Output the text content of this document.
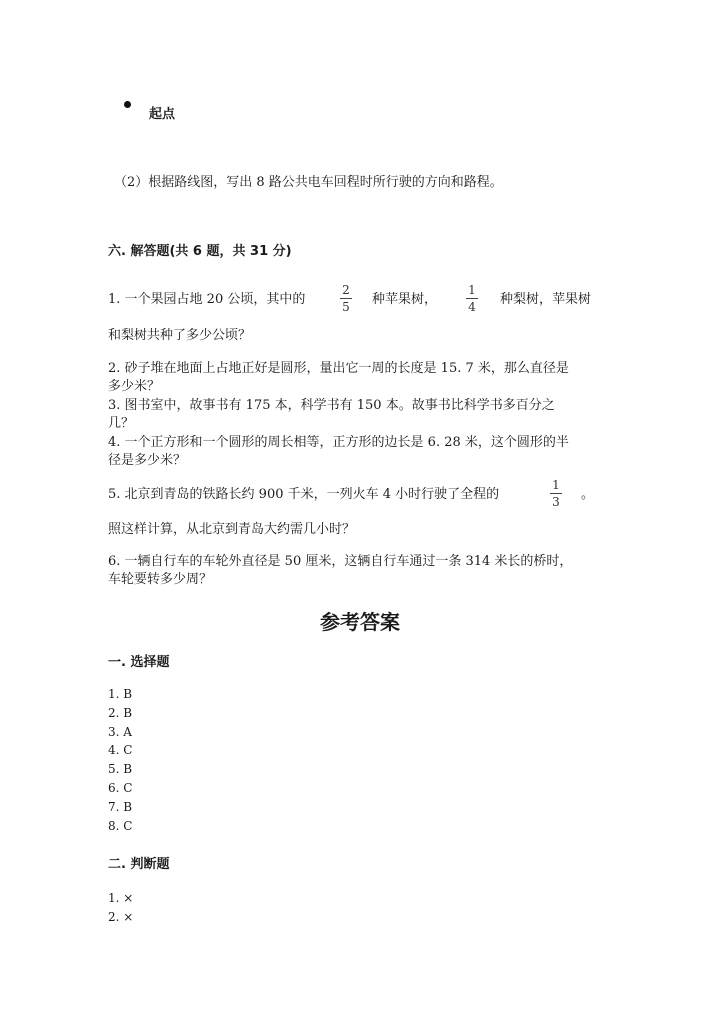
起点
（2）根据路线图，写出 8 路公共电车回程时所行驶的方向和路程。
六. 解答题(共 6 题，共 31 分)
1. 一个果园占地 20 公顷，其中的
2
5	种苹果树，
1
4	种梨树，苹果树
和梨树共种了多少公顷？
2. 砂子堆在地面上占地正好是圆形，量出它一周的长度是 15. 7 米，那么直径是
多少米？
3. 图书室中，故事书有 175 本，科学书有 150 本。故事书比科学书多百分之
几？
4. 一个正方形和一个圆形的周长相等，正方形的边长是 6. 28 米，这个圆形的半
径是多少米？
5. 北京到青岛的铁路长约 900 千米，一列火车 4 小时行驶了全程的
1
3	。
照这样计算，从北京到青岛大约需几小时？
6. 一辆自行车的车轮外直径是 50 厘米，这辆自行车通过一条 314 米长的桥时，
车轮要转多少周？
参考答案
一. 选择题
1. B
2. B
3. A
4. C
5. B
6. C
7. B
8. C
二. 判断题
1. ×
2. ×
